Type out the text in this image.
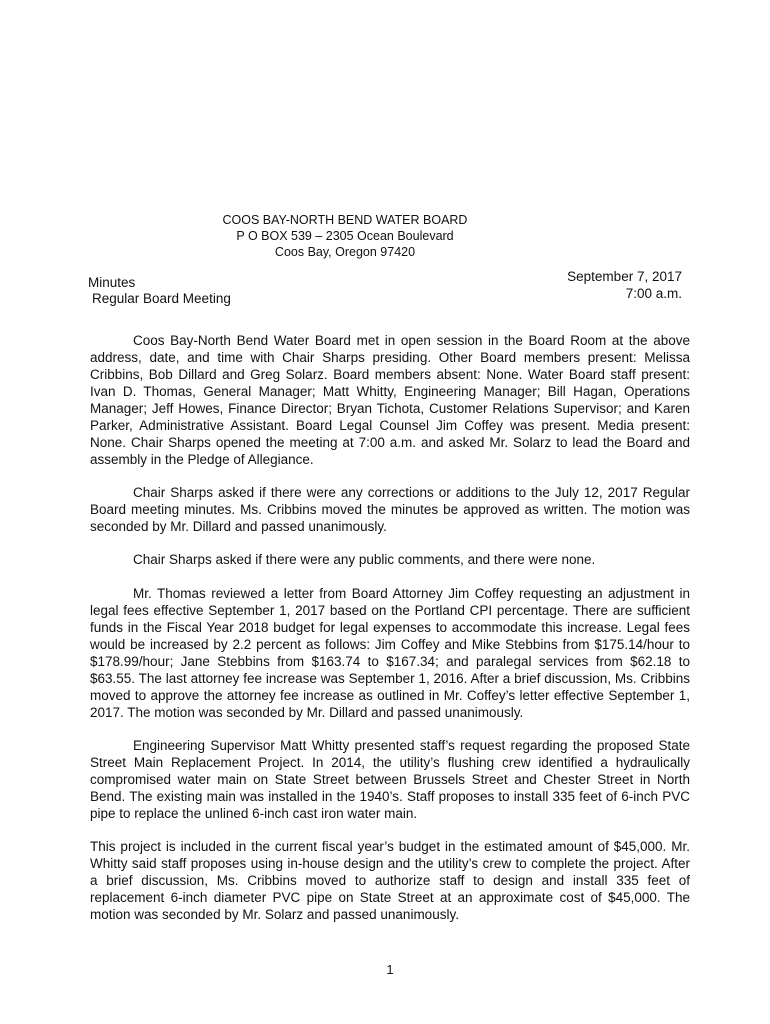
COOS BAY-NORTH BEND WATER BOARD
P O BOX 539 – 2305 Ocean Boulevard
Coos Bay, Oregon 97420
Minutes
Regular Board Meeting
September 7, 2017
7:00 a.m.

Coos Bay-North Bend Water Board met in open session in the Board Room at the above address, date, and time with Chair Sharps presiding. Other Board members present: Melissa Cribbins, Bob Dillard and Greg Solarz. Board members absent: None. Water Board staff present: Ivan D. Thomas, General Manager; Matt Whitty, Engineering Manager; Bill Hagan, Operations Manager; Jeff Howes, Finance Director; Bryan Tichota, Customer Relations Supervisor; and Karen Parker, Administrative Assistant. Board Legal Counsel Jim Coffey was present. Media present: None. Chair Sharps opened the meeting at 7:00 a.m. and asked Mr. Solarz to lead the Board and assembly in the Pledge of Allegiance.

Chair Sharps asked if there were any corrections or additions to the July 12, 2017 Regular Board meeting minutes. Ms. Cribbins moved the minutes be approved as written. The motion was seconded by Mr. Dillard and passed unanimously.

Chair Sharps asked if there were any public comments, and there were none.

Mr. Thomas reviewed a letter from Board Attorney Jim Coffey requesting an adjustment in legal fees effective September 1, 2017 based on the Portland CPI percentage. There are sufficient funds in the Fiscal Year 2018 budget for legal expenses to accommodate this increase. Legal fees would be increased by 2.2 percent as follows: Jim Coffey and Mike Stebbins from $175.14/hour to $178.99/hour; Jane Stebbins from $163.74 to $167.34; and paralegal services from $62.18 to $63.55. The last attorney fee increase was September 1, 2016. After a brief discussion, Ms. Cribbins moved to approve the attorney fee increase as outlined in Mr. Coffey’s letter effective September 1, 2017. The motion was seconded by Mr. Dillard and passed unanimously.

Engineering Supervisor Matt Whitty presented staff’s request regarding the proposed State Street Main Replacement Project. In 2014, the utility’s flushing crew identified a hydraulically compromised water main on State Street between Brussels Street and Chester Street in North Bend. The existing main was installed in the 1940’s. Staff proposes to install 335 feet of 6-inch PVC pipe to replace the unlined 6-inch cast iron water main.

This project is included in the current fiscal year’s budget in the estimated amount of $45,000. Mr. Whitty said staff proposes using in-house design and the utility’s crew to complete the project. After a brief discussion, Ms. Cribbins moved to authorize staff to design and install 335 feet of replacement 6-inch diameter PVC pipe on State Street at an approximate cost of $45,000. The motion was seconded by Mr. Solarz and passed unanimously.

1
